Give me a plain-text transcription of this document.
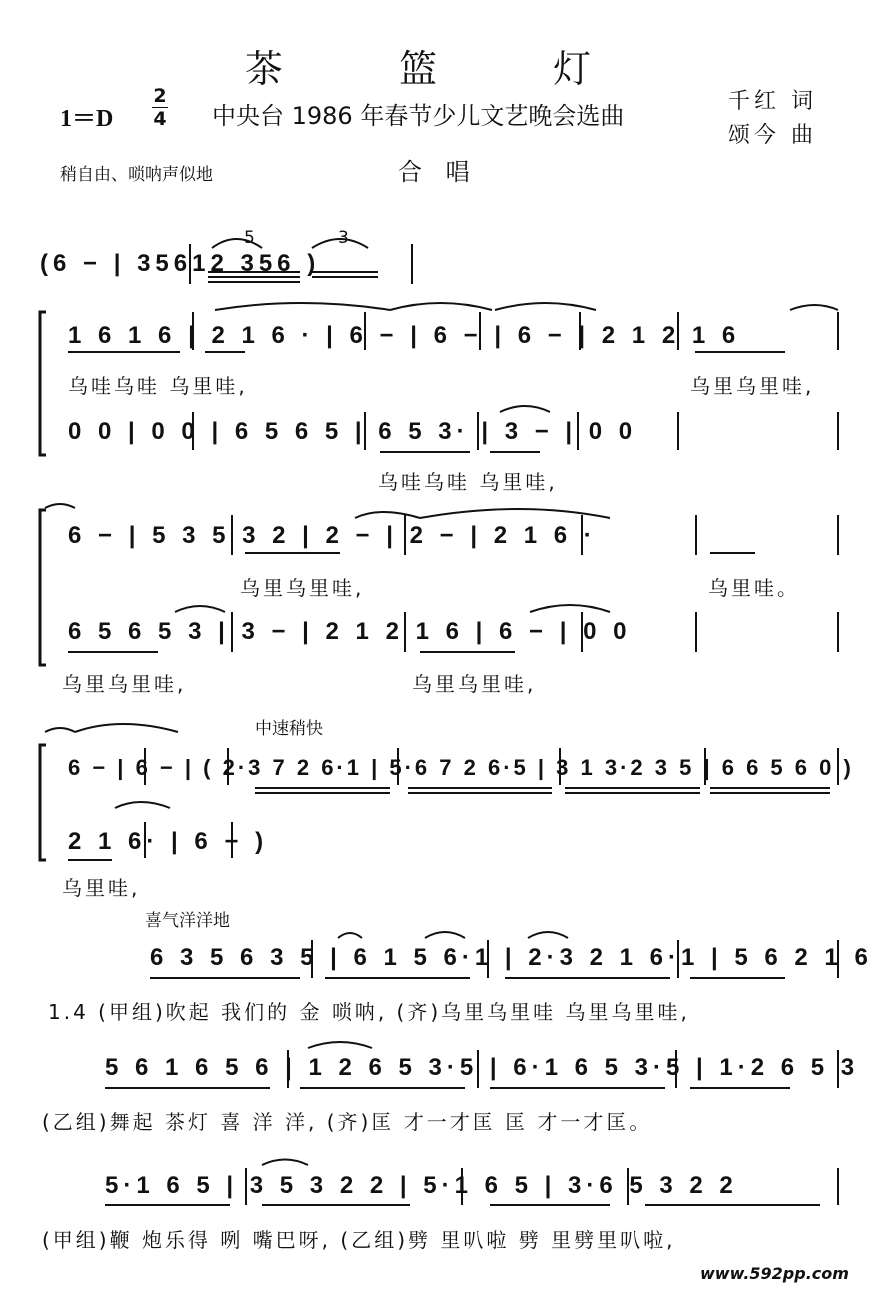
茶 篮 灯
1＝D
2
4 中央台 1986 年春节少儿文艺晚会选曲
千红 词
颂今 曲
稍自由、唢呐声似地	合 唱
(6 − | 35612 356 )
5	3
1 6 1 6 | 2 1 6 · | 6 − | 6 − | 6 − | 2 1 2 1 6
乌哇乌哇 乌里哇,	乌里乌里哇,
0 0 | 0 0 | 6 5 6 5 | 6 5 3· | 3 − | 0 0
乌哇乌哇 乌里哇,
6 − | 5 3 5 3 2 | 2 − | 2 − | 2 1 6 ·
乌里乌里哇,	乌里哇。
6 5 6 5 3 | 3 − | 2 1 2 1 6 | 6 − | 0 0
乌里乌里哇,	乌里乌里哇,
中速稍快
6 − | 6 − | ( 2·3 7 2 6·1 | 5·6 7 2 6·5 | 3 1 3·2 3 5 | 6 6 5 6 0 )
2 1 6· | 6 − )
乌里哇,
喜气洋洋地
6 3 5 6 3 5 | 6 1 5 6·1 | 2·3 2 1 6·1 | 5 6 2 1 6
1.4 (甲组)吹起 我们的 金 唢呐, (齐)乌里乌里哇 乌里乌里哇,
5 6 1 6 5 6 | 1 2 6 5 3·5 | 6·1 6 5 3·5 | 1·2 6 5 3
(乙组)舞起 茶灯 喜 洋 洋, (齐)匡 才一才匡 匡 才一才匡。
5·1 6 5 | 3 5 3 2 2 | 5·1 6 5 | 3·6 5 3 2 2
(甲组)鞭 炮乐得 咧 嘴巴呀, (乙组)劈 里叭啦 劈 里劈里叭啦,
www.592pp.com
